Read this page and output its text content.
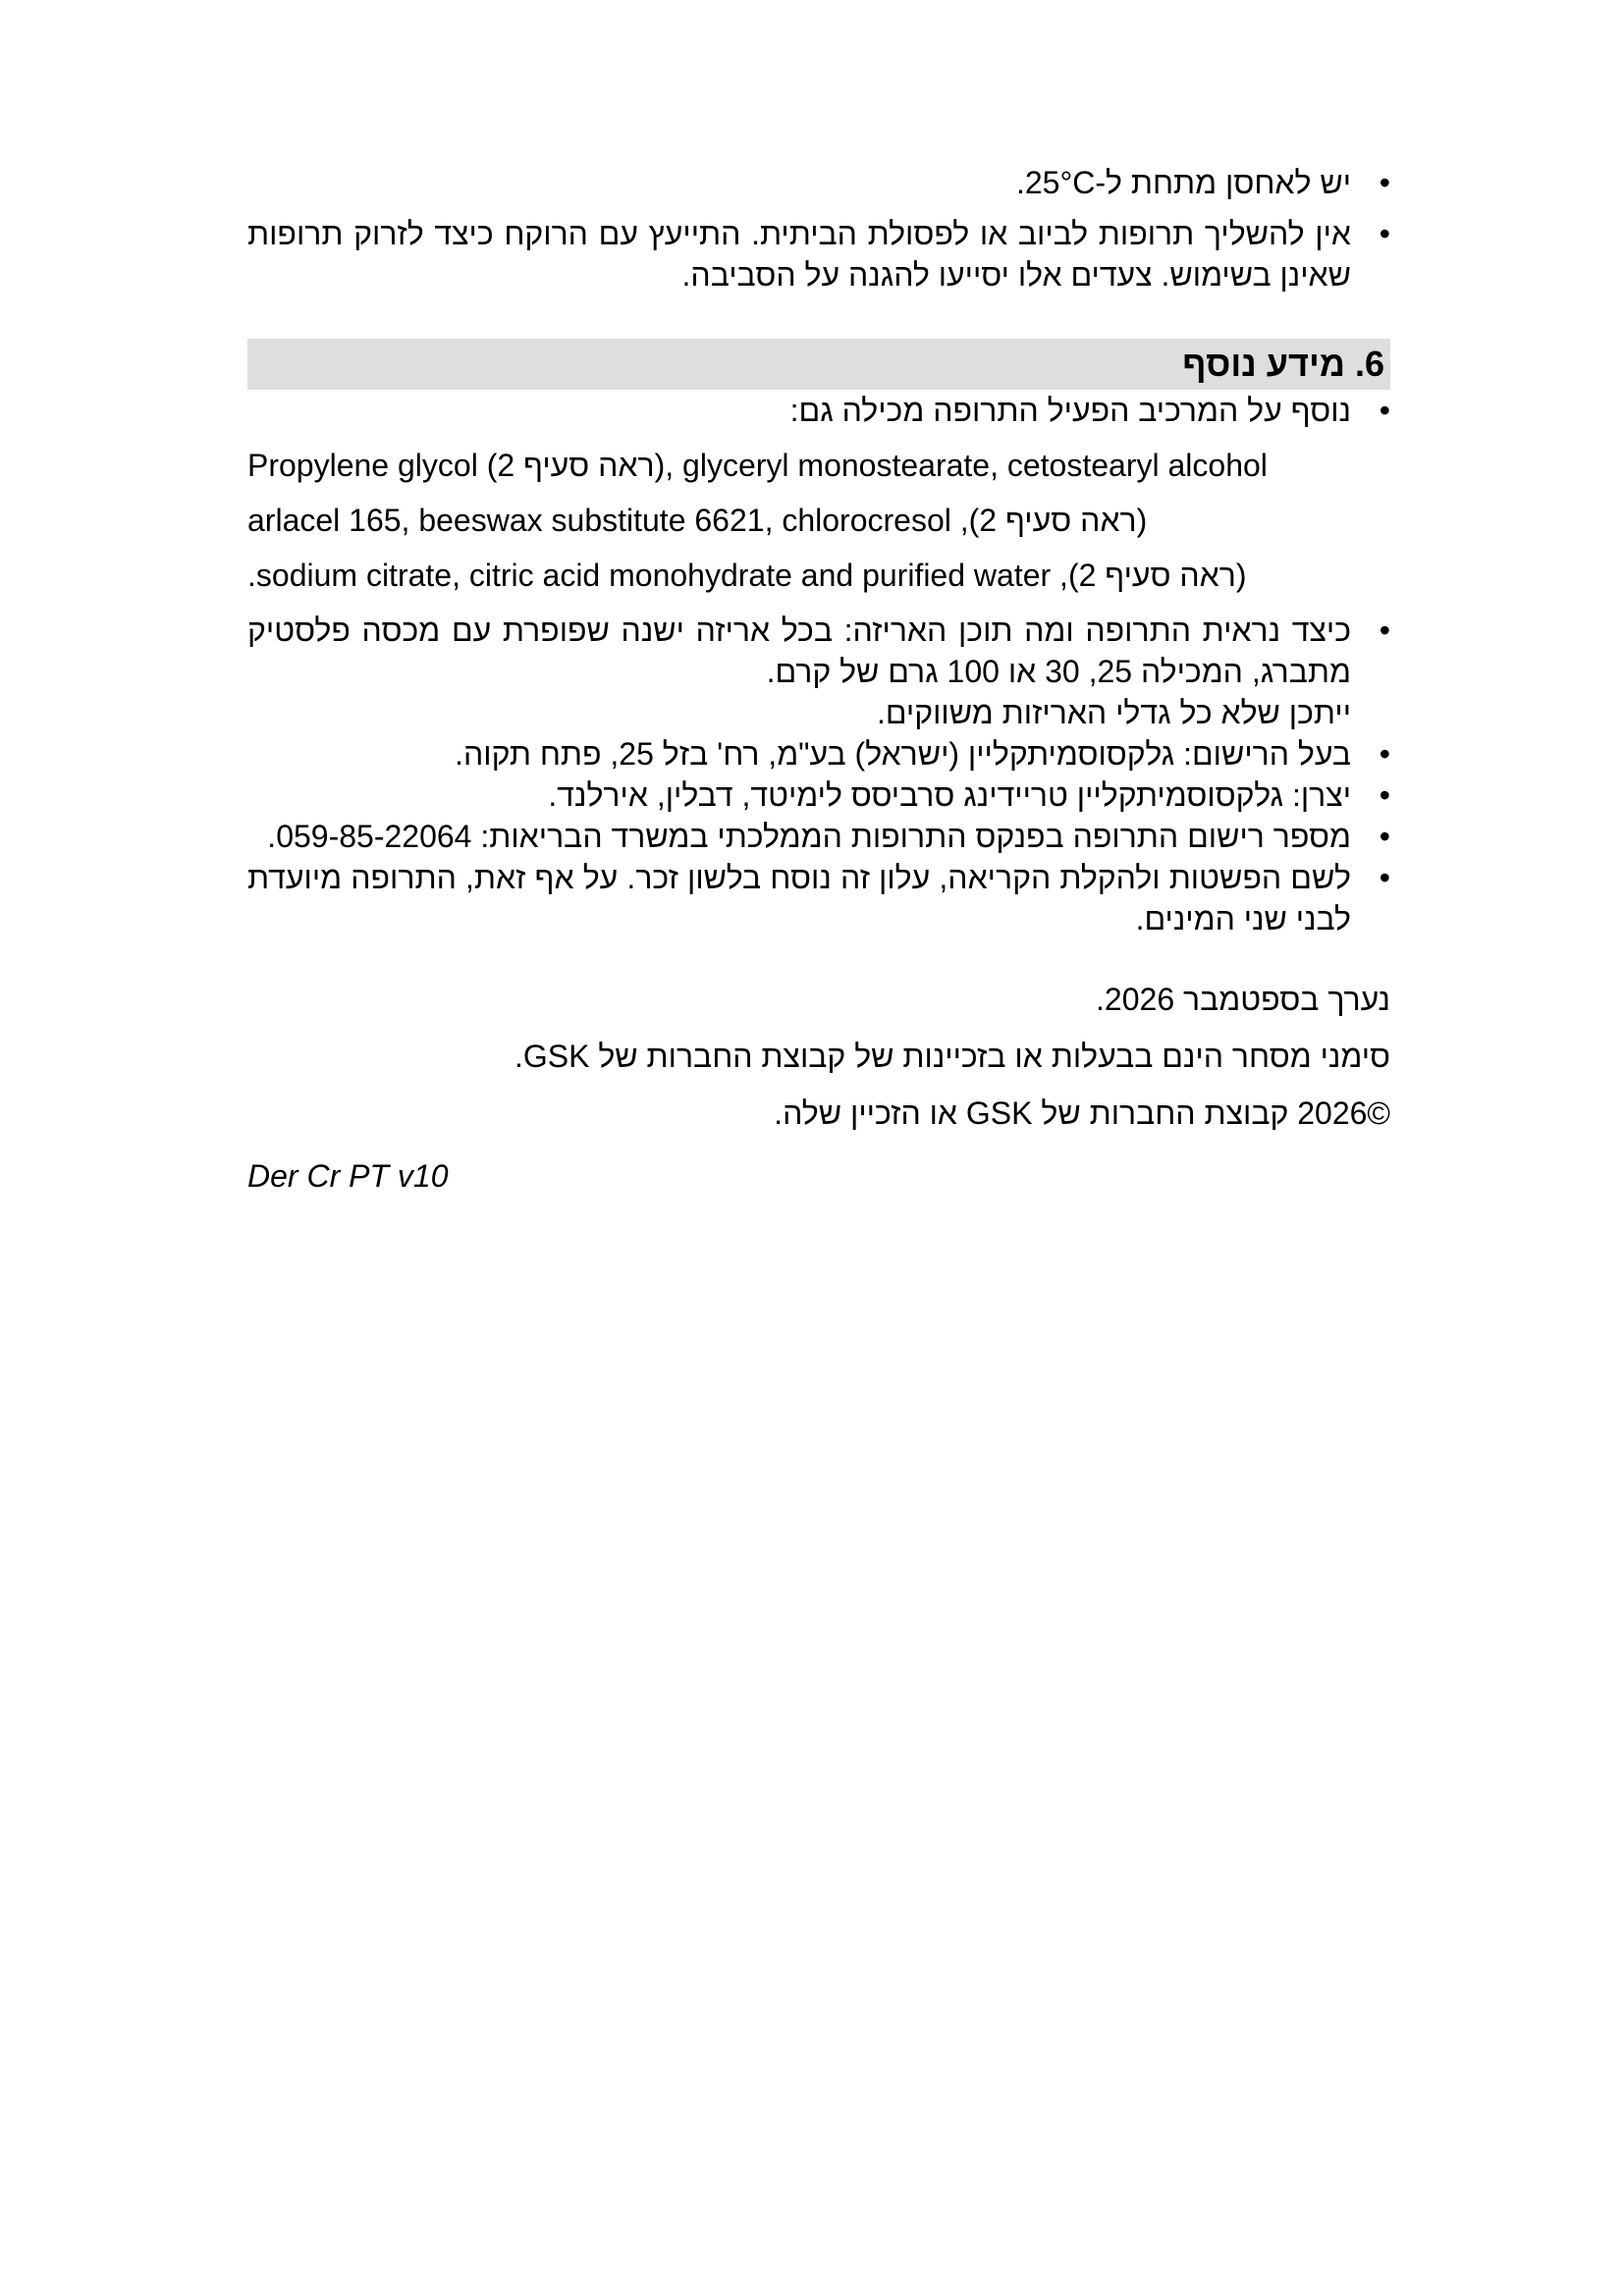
•
יש לאחסן מתחת ל-25°C.
•
אין להשליך תרופות לביוב או לפסולת הביתית. התייעץ עם הרוקח כיצד לזרוק תרופות שאינן בשימוש. צעדים אלו יסייעו להגנה על הסביבה.
6. מידע נוסף
•
נוסף על המרכיב הפעיל התרופה מכילה גם:
Propylene glycol (ראה סעיף 2), glyceryl monostearate, cetostearyl alcohol
(ראה סעיף 2), arlacel 165, beeswax substitute 6621, chlorocresol
(ראה סעיף 2), sodium citrate, citric acid monohydrate and purified water.
•
כיצד נראית התרופה ומה תוכן האריזה: בכל אריזה ישנה שפופרת עם מכסה פלסטיק מתברג, המכילה 25, 30 או 100 גרם של קרם.
ייתכן שלא כל גדלי האריזות משווקים.
•
בעל הרישום: גלקסוסמיתקליין (ישראל) בע"מ, רח' בזל 25, פתח תקוה.
•
יצרן: גלקסוסמיתקליין טריידינג סרביסס לימיטד, דבלין, אירלנד.
•
מספר רישום התרופה בפנקס התרופות הממלכתי במשרד הבריאות: 059-85-22064.
•
לשם הפשטות ולהקלת הקריאה, עלון זה נוסח בלשון זכר. על אף זאת, התרופה מיועדת לבני שני המינים.
נערך בספטמבר 2026.
סימני מסחר הינם בבעלות או בזכיינות של קבוצת החברות של GSK.
©2026 קבוצת החברות של GSK או הזכיין שלה.
Der Cr PT v10
